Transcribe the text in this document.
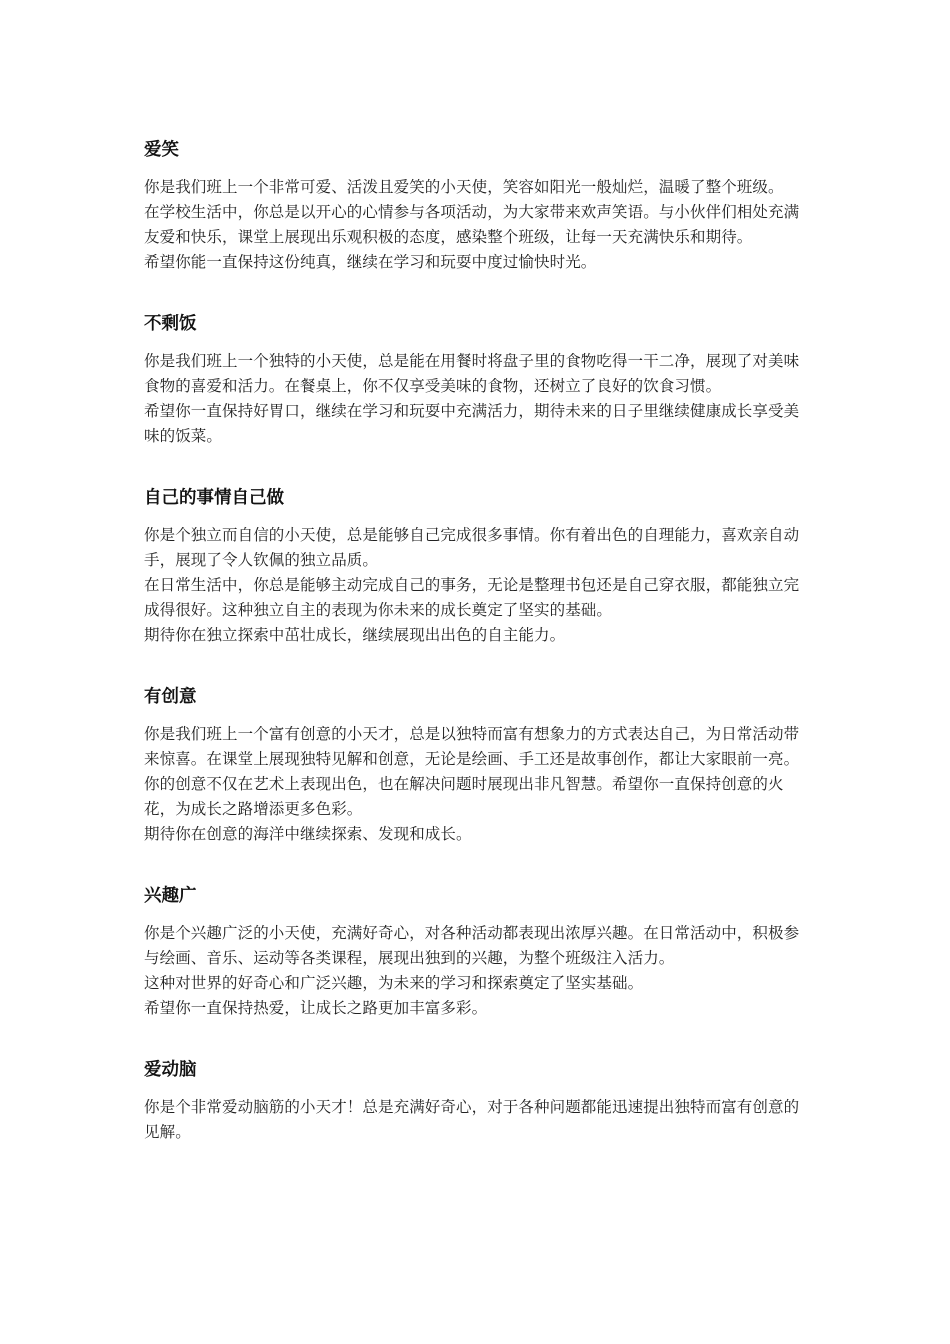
爱笑

你是我们班上一个非常可爱、活泼且爱笑的小天使，笑容如阳光一般灿烂，温暖了整个班级。

在学校生活中，你总是以开心的心情参与各项活动，为大家带来欢声笑语。与小伙伴们相处充满友爱和快乐，课堂上展现出乐观积极的态度，感染整个班级，让每一天充满快乐和期待。

希望你能一直保持这份纯真，继续在学习和玩耍中度过愉快时光。

不剩饭

你是我们班上一个独特的小天使，总是能在用餐时将盘子里的食物吃得一干二净，展现了对美味食物的喜爱和活力。在餐桌上，你不仅享受美味的食物，还树立了良好的饮食习惯。

希望你一直保持好胃口，继续在学习和玩耍中充满活力，期待未来的日子里继续健康成长享受美味的饭菜。

自己的事情自己做

你是个独立而自信的小天使，总是能够自己完成很多事情。你有着出色的自理能力，喜欢亲自动手，展现了令人钦佩的独立品质。

在日常生活中，你总是能够主动完成自己的事务，无论是整理书包还是自己穿衣服，都能独立完成得很好。这种独立自主的表现为你未来的成长奠定了坚实的基础。

期待你在独立探索中茁壮成长，继续展现出出色的自主能力。

有创意

你是我们班上一个富有创意的小天才，总是以独特而富有想象力的方式表达自己，为日常活动带来惊喜。在课堂上展现独特见解和创意，无论是绘画、手工还是故事创作，都让大家眼前一亮。

你的创意不仅在艺术上表现出色，也在解决问题时展现出非凡智慧。希望你一直保持创意的火花，为成长之路增添更多色彩。

期待你在创意的海洋中继续探索、发现和成长。

兴趣广

你是个兴趣广泛的小天使，充满好奇心，对各种活动都表现出浓厚兴趣。在日常活动中，积极参与绘画、音乐、运动等各类课程，展现出独到的兴趣，为整个班级注入活力。

这种对世界的好奇心和广泛兴趣，为未来的学习和探索奠定了坚实基础。

希望你一直保持热爱，让成长之路更加丰富多彩。

爱动脑

你是个非常爱动脑筋的小天才！总是充满好奇心，对于各种问题都能迅速提出独特而富有创意的见解。
